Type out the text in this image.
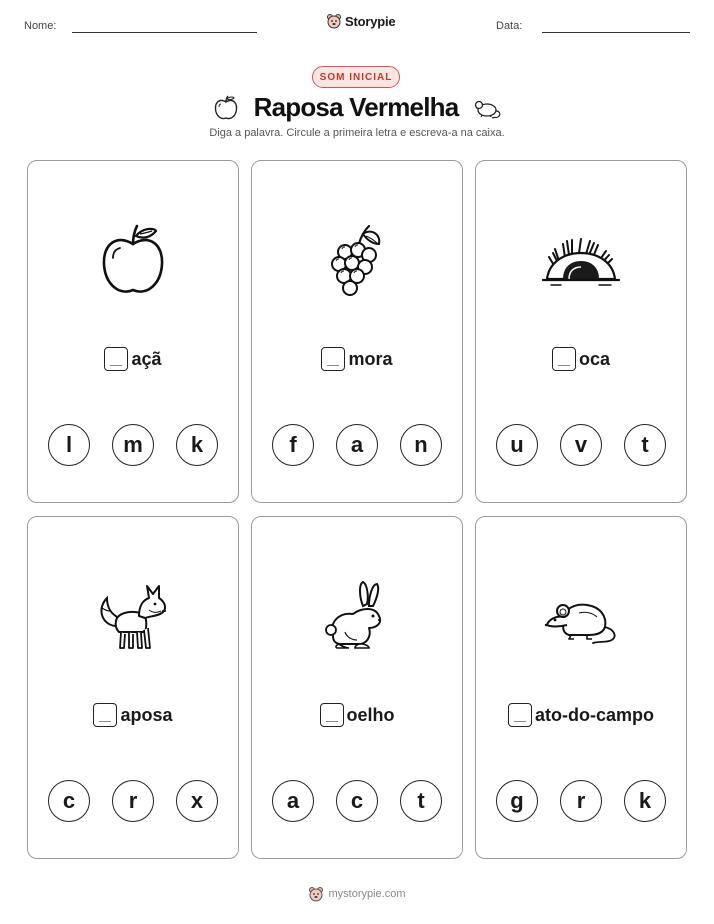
Nome:	Storypie	Data:
SOM INICIAL
Raposa Vermelha
Diga a palavra. Circule a primeira letra e escreva-a na caixa.
açã
l	m	k
mora
f	a	n
oca
u	v	t
aposa
c	r	x
oelho
a	c	t
ato-do-campo
g	r	k
mystorypie.com
